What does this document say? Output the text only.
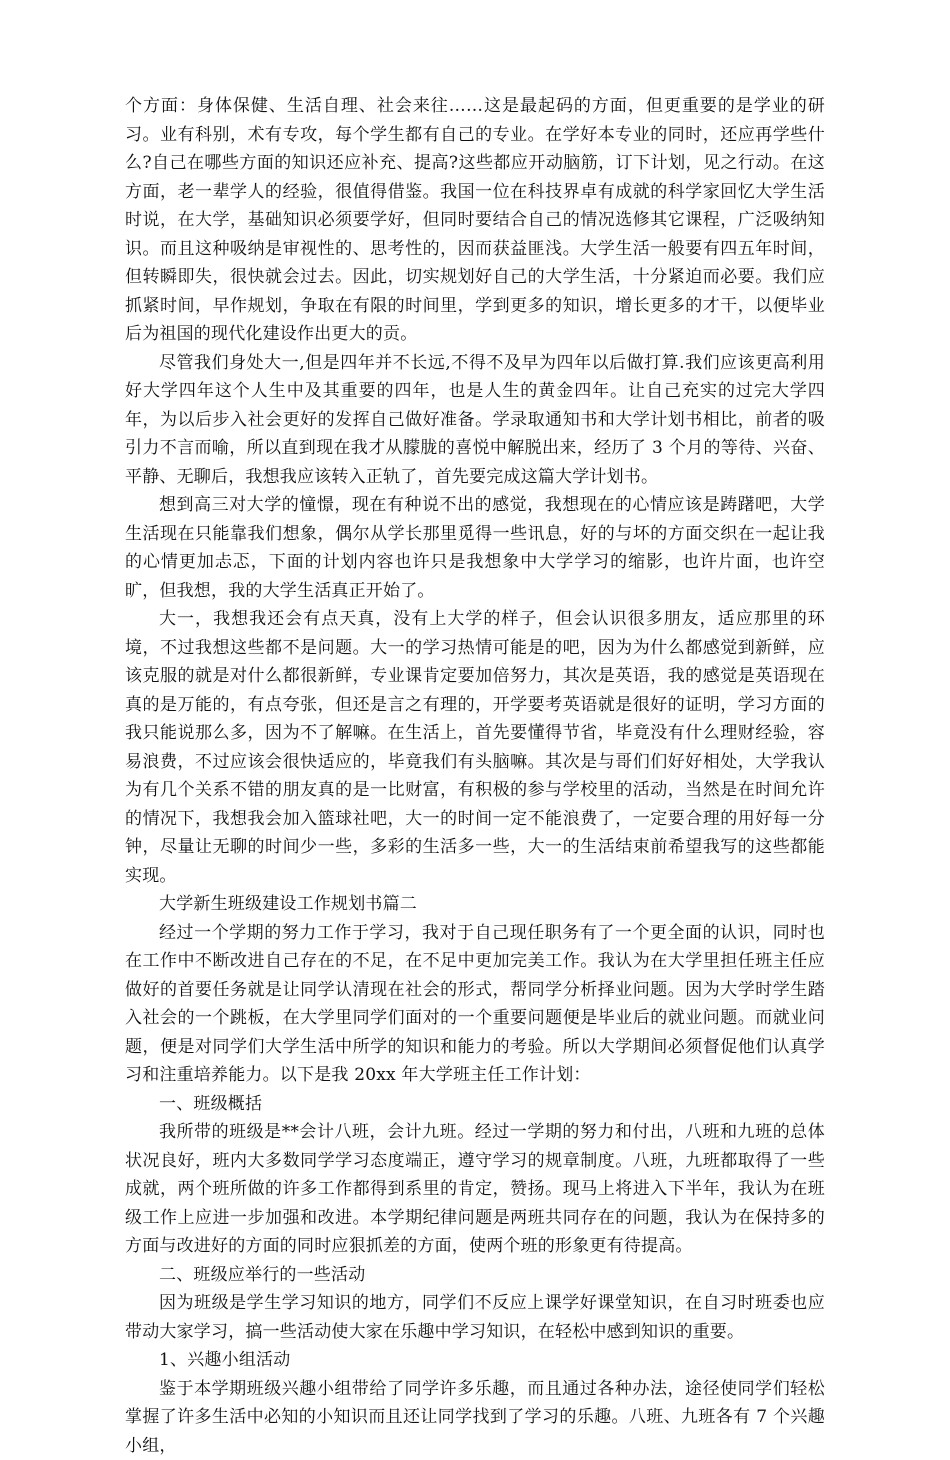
个方面：身体保健、生活自理、社会来往……这是最起码的方面，但更重要的是学业的研习。业有科别，术有专攻，每个学生都有自己的专业。在学好本专业的同时，还应再学些什么?自己在哪些方面的知识还应补充、提高?这些都应开动脑筋，订下计划，见之行动。在这方面，老一辈学人的经验，很值得借鉴。我国一位在科技界卓有成就的科学家回忆大学生活时说，在大学，基础知识必须要学好，但同时要结合自己的情况选修其它课程，广泛吸纳知识。而且这种吸纳是审视性的、思考性的，因而获益匪浅。大学生活一般要有四五年时间，但转瞬即失，很快就会过去。因此，切实规划好自己的大学生活，十分紧迫而必要。我们应抓紧时间，早作规划，争取在有限的时间里，学到更多的知识，增长更多的才干，以便毕业后为祖国的现代化建设作出更大的贡。

尽管我们身处大一,但是四年并不长远,不得不及早为四年以后做打算.我们应该更高利用好大学四年这个人生中及其重要的四年，也是人生的黄金四年。让自己充实的过完大学四年，为以后步入社会更好的发挥自己做好准备。学录取通知书和大学计划书相比，前者的吸引力不言而喻，所以直到现在我才从朦胧的喜悦中解脱出来，经历了 3 个月的等待、兴奋、平静、无聊后，我想我应该转入正轨了，首先要完成这篇大学计划书。

想到高三对大学的憧憬，现在有种说不出的感觉，我想现在的心情应该是踌躇吧，大学生活现在只能靠我们想象，偶尔从学长那里觅得一些讯息，好的与坏的方面交织在一起让我的心情更加忐忑，下面的计划内容也许只是我想象中大学学习的缩影，也许片面，也许空旷，但我想，我的大学生活真正开始了。

大一，我想我还会有点天真，没有上大学的样子，但会认识很多朋友，适应那里的环境，不过我想这些都不是问题。大一的学习热情可能是的吧，因为为什么都感觉到新鲜，应该克服的就是对什么都很新鲜，专业课肯定要加倍努力，其次是英语，我的感觉是英语现在真的是万能的，有点夸张，但还是言之有理的，开学要考英语就是很好的证明，学习方面的我只能说那么多，因为不了解嘛。在生活上，首先要懂得节省，毕竟没有什么理财经验，容易浪费，不过应该会很快适应的，毕竟我们有头脑嘛。其次是与哥们们好好相处，大学我认为有几个关系不错的朋友真的是一比财富，有积极的参与学校里的活动，当然是在时间允许的情况下，我想我会加入篮球社吧，大一的时间一定不能浪费了，一定要合理的用好每一分钟，尽量让无聊的时间少一些，多彩的生活多一些，大一的生活结束前希望我写的这些都能实现。

大学新生班级建设工作规划书篇二

经过一个学期的努力工作于学习，我对于自己现任职务有了一个更全面的认识，同时也在工作中不断改进自己存在的不足，在不足中更加完美工作。我认为在大学里担任班主任应做好的首要任务就是让同学认清现在社会的形式，帮同学分析择业问题。因为大学时学生踏入社会的一个跳板，在大学里同学们面对的一个重要问题便是毕业后的就业问题。而就业问题，便是对同学们大学生活中所学的知识和能力的考验。所以大学期间必须督促他们认真学习和注重培养能力。以下是我 20xx 年大学班主任工作计划：

一、班级概括

我所带的班级是**会计八班，会计九班。经过一学期的努力和付出，八班和九班的总体状况良好，班内大多数同学学习态度端正，遵守学习的规章制度。八班，九班都取得了一些成就，两个班所做的许多工作都得到系里的肯定，赞扬。现马上将进入下半年，我认为在班级工作上应进一步加强和改进。本学期纪律问题是两班共同存在的问题，我认为在保持多的方面与改进好的方面的同时应狠抓差的方面，使两个班的形象更有待提高。

二、班级应举行的一些活动

因为班级是学生学习知识的地方，同学们不反应上课学好课堂知识，在自习时班委也应带动大家学习，搞一些活动使大家在乐趣中学习知识，在轻松中感到知识的重要。

1、兴趣小组活动

鉴于本学期班级兴趣小组带给了同学许多乐趣，而且通过各种办法，途径使同学们轻松掌握了许多生活中必知的小知识而且还让同学找到了学习的乐趣。八班、九班各有 7 个兴趣小组，
